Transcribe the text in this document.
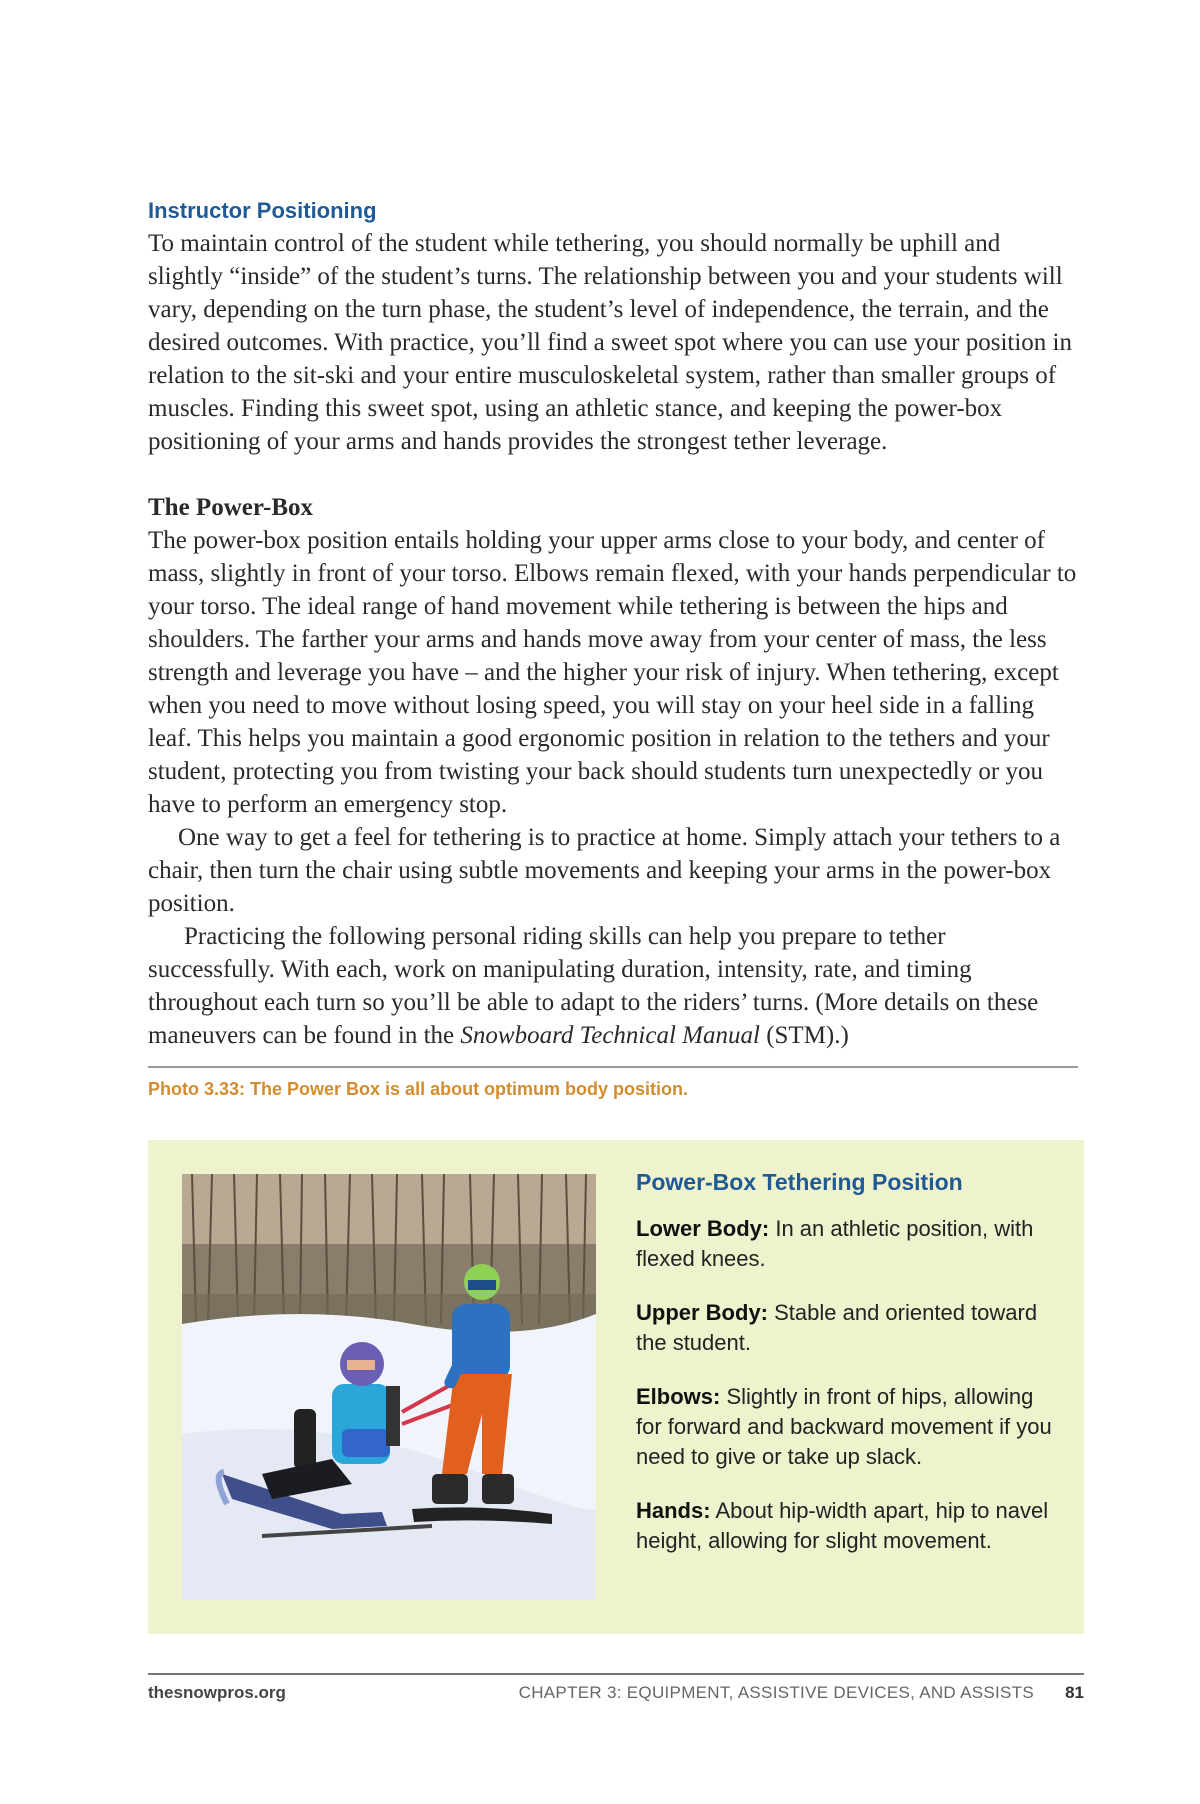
Instructor Positioning

To maintain control of the student while tethering, you should normally be uphill and slightly “inside” of the student’s turns. The relationship between you and your students will vary, depending on the turn phase, the student’s level of independence, the terrain, and the desired outcomes. With practice, you’ll find a sweet spot where you can use your position in relation to the sit-ski and your entire musculoskeletal system, rather than smaller groups of muscles. Finding this sweet spot, using an athletic stance, and keeping the power-box positioning of your arms and hands provides the strongest tether leverage.

The Power-Box

The power-box position entails holding your upper arms close to your body, and center of mass, slightly in front of your torso. Elbows remain flexed, with your hands perpendicular to your torso. The ideal range of hand movement while tethering is between the hips and shoulders. The farther your arms and hands move away from your center of mass, the less strength and leverage you have – and the higher your risk of injury. When tethering, except when you need to move without losing speed, you will stay on your heel side in a falling leaf. This helps you maintain a good ergonomic position in relation to the tethers and your student, protecting you from twisting your back should students turn unexpectedly or you have to perform an emergency stop.

One way to get a feel for tethering is to practice at home. Simply attach your tethers to a chair, then turn the chair using subtle movements and keeping your arms in the power-box position.

Practicing the following personal riding skills can help you prepare to tether successfully. With each, work on manipulating duration, intensity, rate, and timing throughout each turn so you’ll be able to adapt to the riders’ turns. (More details on these maneuvers can be found in the Snowboard Technical Manual (STM).)

Photo 3.33: The Power Box is all about optimum body position.
Power-Box Tethering Position

Lower Body: In an athletic position, with flexed knees.

Upper Body: Stable and oriented toward the student.

Elbows: Slightly in front of hips, allowing for forward and backward movement if you need to give or take up slack.

Hands: About hip-width apart, hip to navel height, allowing for slight movement.

thesnowpros.org	CHAPTER 3: EQUIPMENT, ASSISTIVE DEVICES, AND ASSISTS 81
